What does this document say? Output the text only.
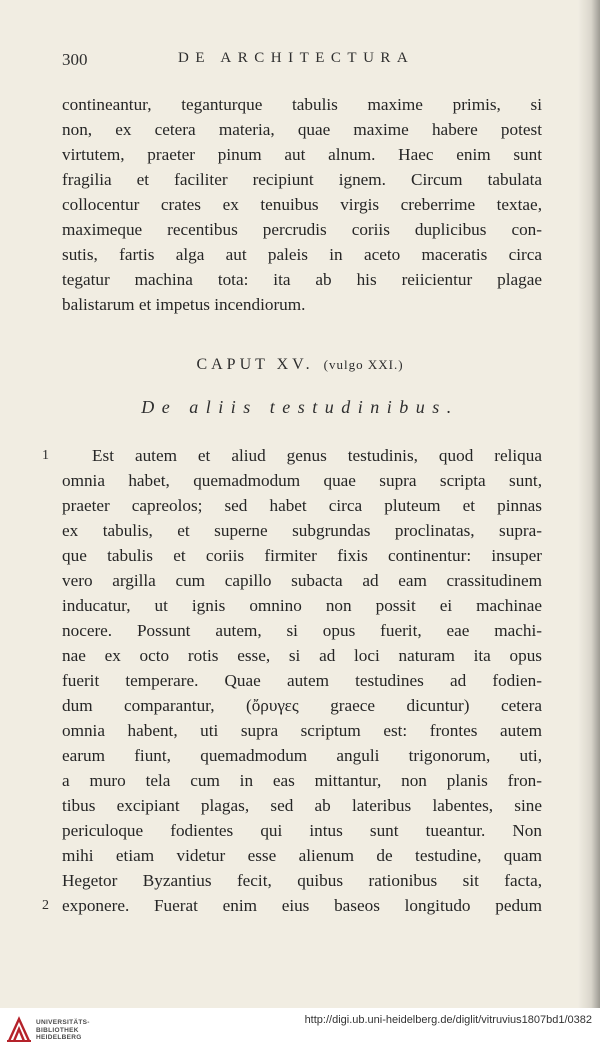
300	DE ARCHITECTURA
contineantur, teganturque tabulis maxime primis, si
non, ex cetera materia, quae maxime habere potest
virtutem, praeter pinum aut alnum. Haec enim sunt
fragilia et faciliter recipiunt ignem. Circum tabulata
collocentur crates ex tenuibus virgis creberrime textae,
maximeque recentibus percrudis coriis duplicibus con-
sutis, fartis alga aut paleis in aceto maceratis circa
tegatur machina tota: ita ab his reiicientur plagae
balistarum et impetus incendiorum.
CAPUT XV. (vulgo XXI.)
De aliis testudinibus.
1
2
Est autem et aliud genus testudinis, quod reliqua
omnia habet, quemadmodum quae supra scripta sunt,
praeter capreolos; sed habet circa pluteum et pinnas
ex tabulis, et superne subgrundas proclinatas, supra-
que tabulis et coriis firmiter fixis continentur: insuper
vero argilla cum capillo subacta ad eam crassitudinem
inducatur, ut ignis omnino non possit ei machinae
nocere. Possunt autem, si opus fuerit, eae machi-
nae ex octo rotis esse, si ad loci naturam ita opus
fuerit temperare. Quae autem testudines ad fodien-
dum comparantur, (ὄρυγες graece dicuntur) cetera
omnia habent, uti supra scriptum est: frontes autem
earum fiunt, quemadmodum anguli trigonorum, uti,
a muro tela cum in eas mittantur, non planis fron-
tibus excipiant plagas, sed ab lateribus labentes, sine
periculoque fodientes qui intus sunt tueantur. Non
mihi etiam videtur esse alienum de testudine, quam
Hegetor Byzantius fecit, quibus rationibus sit facta,
exponere. Fuerat enim eius baseos longitudo pedum
UNIVERSITÄTS-
BIBLIOTHEK
HEIDELBERG
http://digi.ub.uni-heidelberg.de/diglit/vitruvius1807bd1/0382
